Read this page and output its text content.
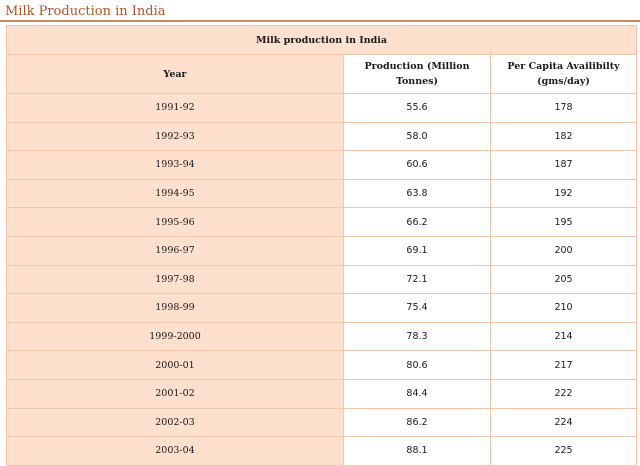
Milk Production in India
Milk production in India		
Year	Production (Million Tonnes)	Per Capita Availibilty (gms/day)
1991-92	55.6	178
1992-93	58.0	182
1993-94	60.6	187
1994-95	63.8	192
1995-96	66.2	195
1996-97	69.1	200
1997-98	72.1	205
1998-99	75.4	210
1999-2000	78.3	214
2000-01	80.6	217
2001-02	84.4	222
2002-03	86.2	224
2003-04	88.1	225
